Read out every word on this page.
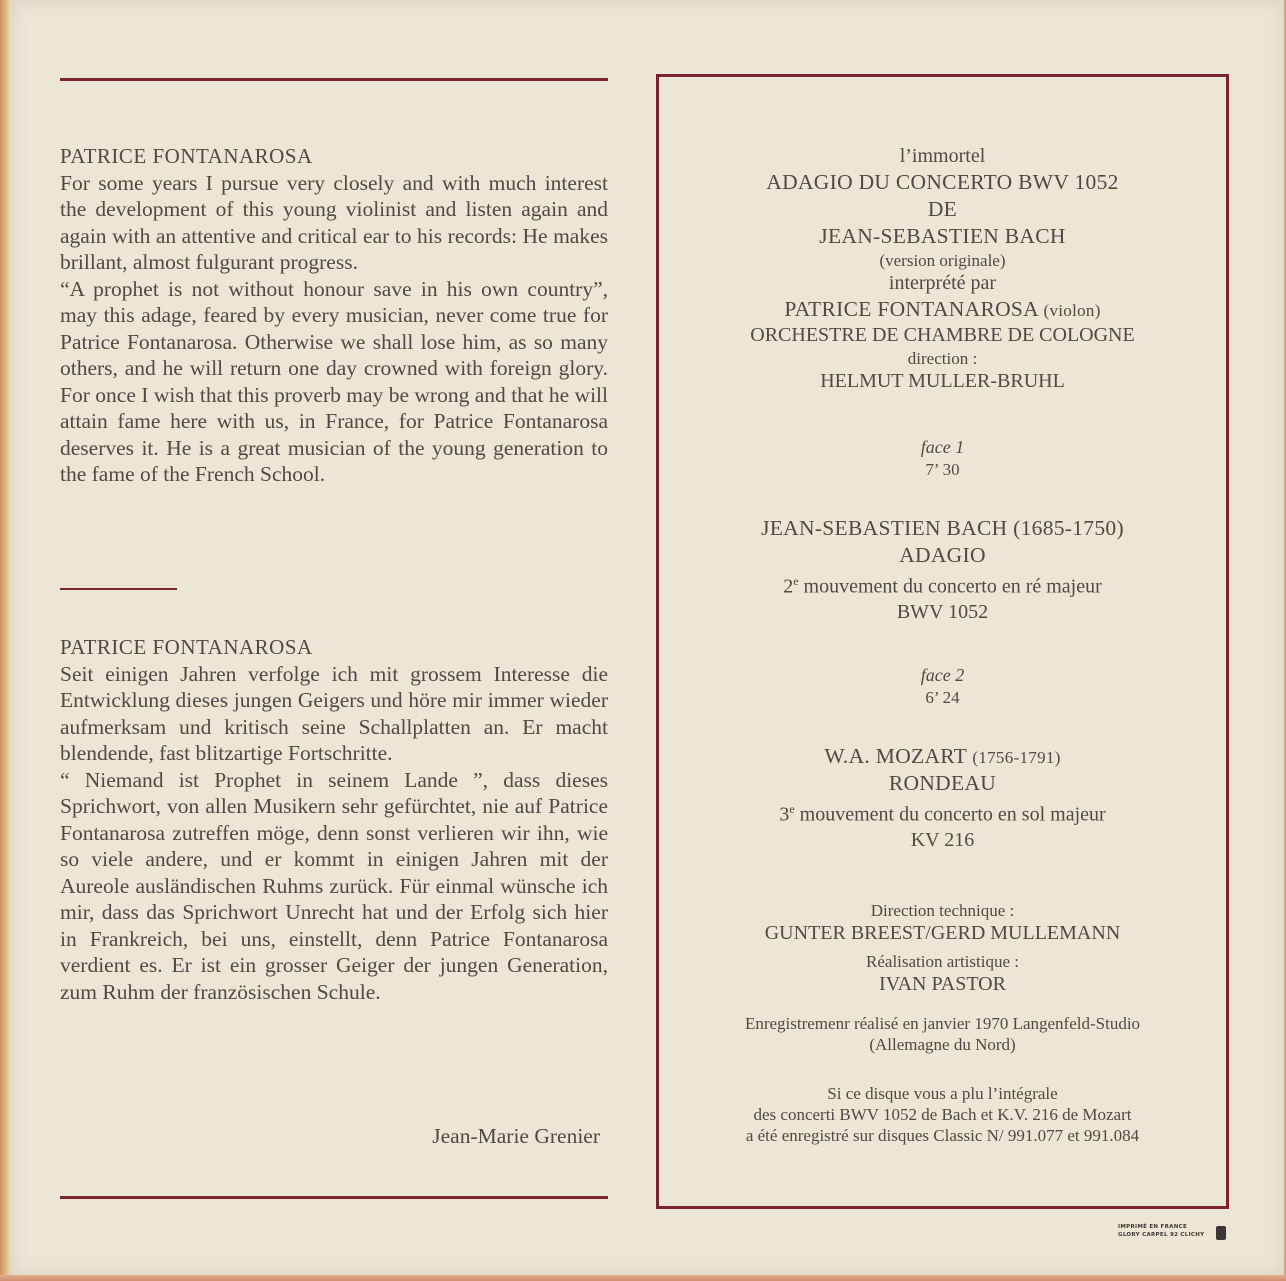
PATRICE FONTANAROSA

For some years I pursue very closely and with much interest the development of this young violinist and listen again and again with an attentive and critical ear to his records: He makes brillant, almost fulgurant progress.

“A prophet is not without honour save in his own country”, may this adage, feared by every musician, never come true for Patrice Fontanarosa. Otherwise we shall lose him, as so many others, and he will return one day crowned with foreign glory. For once I wish that this proverb may be wrong and that he will attain fame here with us, in France, for Patrice Fontanarosa deserves it. He is a great musician of the young generation to the fame of the French School.

PATRICE FONTANAROSA

Seit einigen Jahren verfolge ich mit grossem Interesse die Entwicklung dieses jungen Geigers und höre mir immer wieder aufmerksam und kritisch seine Schallplatten an. Er macht blendende, fast blitzartige Fortschritte.

“ Niemand ist Prophet in seinem Lande ”, dass dieses Sprichwort, von allen Musikern sehr gefürchtet, nie auf Patrice Fontanarosa zutreffen möge, denn sonst verlieren wir ihn, wie so viele andere, und er kommt in einigen Jahren mit der Aureole ausländischen Ruhms zurück. Für einmal wünsche ich mir, dass das Sprichwort Unrecht hat und der Erfolg sich hier in Frankreich, bei uns, einstellt, denn Patrice Fontanarosa verdient es. Er ist ein grosser Geiger der jungen Generation, zum Ruhm der französischen Schule.

Jean-Marie Grenier
l’immortel
ADAGIO DU CONCERTO BWV 1052
DE
JEAN-SEBASTIEN BACH
(version originale)
interprété par
PATRICE FONTANAROSA (violon)
ORCHESTRE DE CHAMBRE DE COLOGNE
direction :
HELMUT MULLER-BRUHL
face 1
7’ 30
JEAN-SEBASTIEN BACH (1685-1750)
ADAGIO
2e mouvement du concerto en ré majeur
BWV 1052
face 2
6’ 24
W.A. MOZART (1756-1791)
RONDEAU
3e mouvement du concerto en sol majeur
KV 216
Direction technique :
GUNTER BREEST/GERD MULLEMANN
Réalisation artistique :
IVAN PASTOR
Enregistremenr réalisé en janvier 1970 Langenfeld-Studio
(Allemagne du Nord)
Si ce disque vous a plu l’intégrale
des concerti BWV 1052 de Bach et K.V. 216 de Mozart
a été enregistré sur disques Classic N/ 991.077 et 991.084
IMPRIMÉ EN FRANCE
GLORY CARPEL 92 CLICHY
